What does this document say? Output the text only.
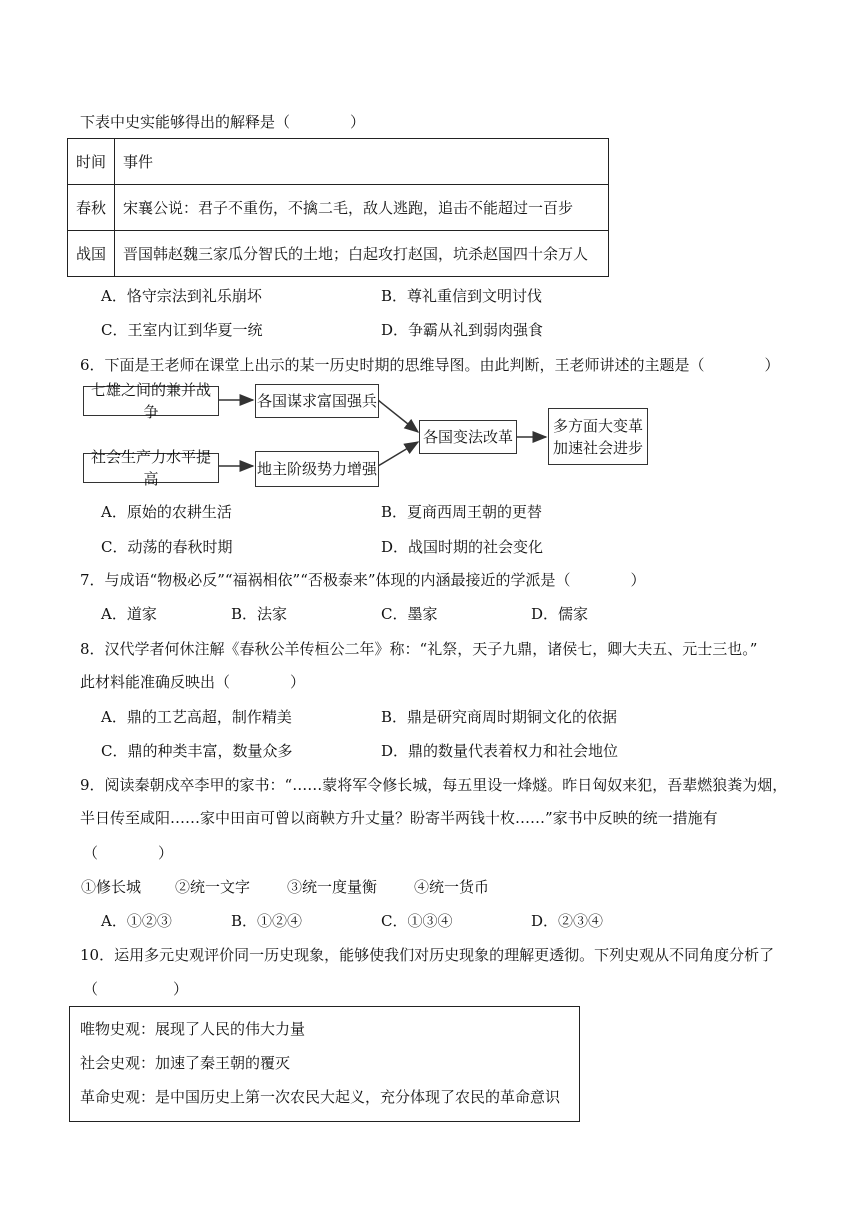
下表中史实能够得出的解释是（　　　　）
时间	事件
春秋	宋襄公说：君子不重伤，不擒二毛，敌人逃跑，追击不能超过一百步
战国	晋国韩赵魏三家瓜分智氏的土地；白起攻打赵国，坑杀赵国四十余万人
A．恪守宗法到礼乐崩坏	B．尊礼重信到文明讨伐
C．王室内讧到华夏一统	D．争霸从礼到弱肉强食
6．下面是王老师在课堂上出示的某一历史时期的思维导图。由此判断，王老师讲述的主题是（　　　　）
七雄之间的兼并战争
各国谋求富国强兵
社会生产力水平提高
地主阶级势力增强
各国变法改革
多方面大变革
加速社会进步
A．原始的农耕生活	B．夏商西周王朝的更替
C．动荡的春秋时期	D．战国时期的社会变化
7．与成语“物极必反”“福祸相依”“否极泰来”体现的内涵最接近的学派是（　　　　）
A．道家	B．法家	C．墨家	D．儒家
8．汉代学者何休注解《春秋公羊传桓公二年》称：“礼祭，天子九鼎，诸侯七，卿大夫五、元士三也。”
此材料能准确反映出（　　　　）
A．鼎的工艺高超，制作精美	B．鼎是研究商周时期铜文化的依据
C．鼎的种类丰富，数量众多	D．鼎的数量代表着权力和社会地位
9．阅读秦朝戍卒李甲的家书：“……蒙将军令修长城，每五里设一烽燧。昨日匈奴来犯，吾辈燃狼粪为烟，
半日传至咸阳……家中田亩可曾以商鞅方升丈量？盼寄半两钱十枚……”家书中反映的统一措施有
（　　　　）
①修长城 ②统一文字 ③统一度量衡 ④统一货币
A．①②③	B．①②④	C．①③④	D．②③④
10．运用多元史观评价同一历史现象，能够使我们对历史现象的理解更透彻。下列史观从不同角度分析了
（　　　　　）
唯物史观：展现了人民的伟大力量
社会史观：加速了秦王朝的覆灭
革命史观：是中国历史上第一次农民大起义，充分体现了农民的革命意识
